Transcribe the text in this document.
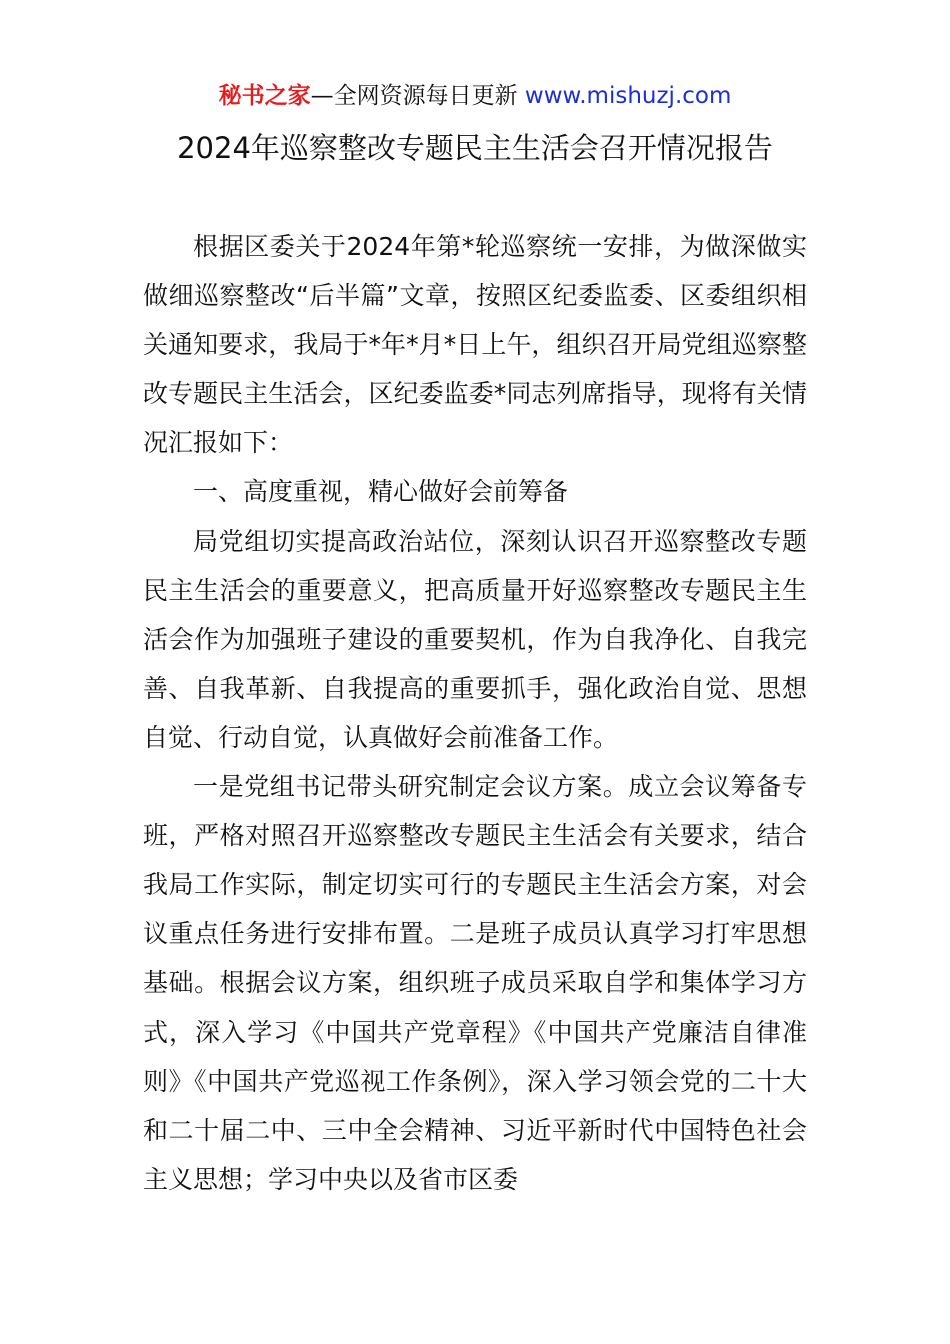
秘书之家—全网资源每日更新 www.mishuzj.com
2024年巡察整改专题民主生活会召开情况报告

根据区委关于2024年第*轮巡察统一安排，为做深做实做细巡察整改“后半篇”文章，按照区纪委监委、区委组织相关通知要求，我局于*年*月*日上午，组织召开局党组巡察整改专题民主生活会，区纪委监委*同志列席指导，现将有关情况汇报如下：

一、高度重视，精心做好会前筹备

局党组切实提高政治站位，深刻认识召开巡察整改专题民主生活会的重要意义，把高质量开好巡察整改专题民主生活会作为加强班子建设的重要契机，作为自我净化、自我完善、自我革新、自我提高的重要抓手，强化政治自觉、思想自觉、行动自觉，认真做好会前准备工作。

一是党组书记带头研究制定会议方案。成立会议筹备专班，严格对照召开巡察整改专题民主生活会有关要求，结合我局工作实际，制定切实可行的专题民主生活会方案，对会议重点任务进行安排布置。二是班子成员认真学习打牢思想基础。根据会议方案，组织班子成员采取自学和集体学习方式，深入学习《中国共产党章程》《中国共产党廉洁自律准则》《中国共产党巡视工作条例》，深入学习领会党的二十大和二十届二中、三中全会精神、习近平新时代中国特色社会主义思想；学习中央以及省市区委
